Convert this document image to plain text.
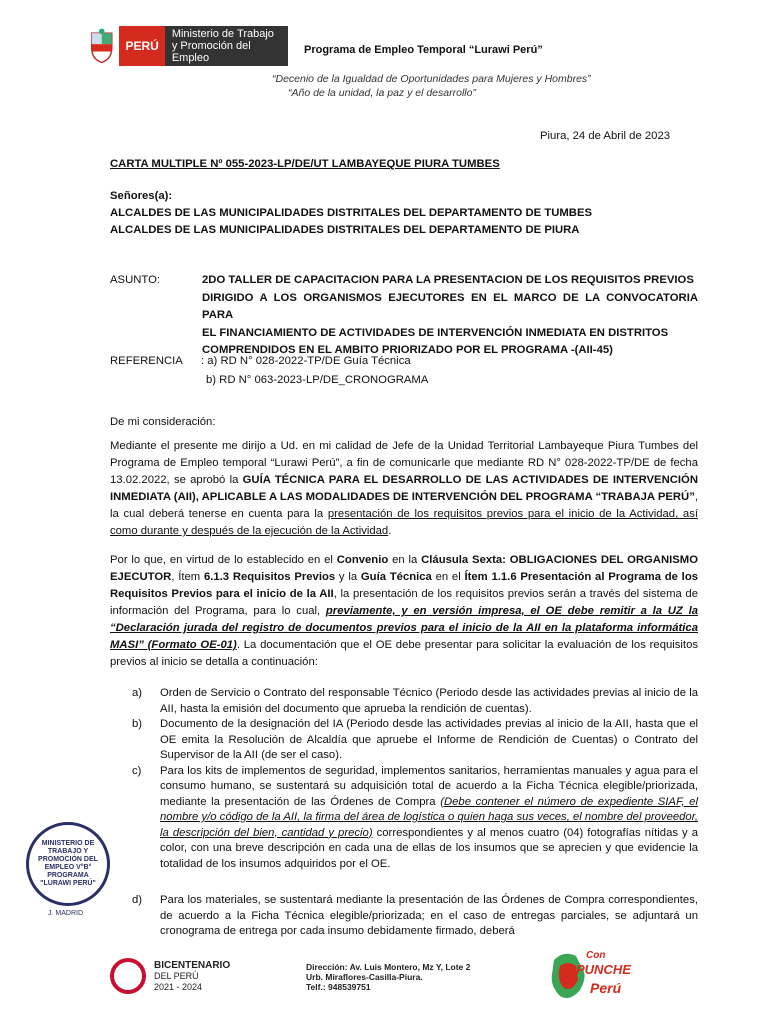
PERÚ
Ministerio de Trabajo
y Promoción del Empleo
Programa de Empleo Temporal “Lurawi Perú”
“Decenio de la Igualdad de Oportunidades para Mujeres y Hombres”
“Año de la unidad, la paz y el desarrollo”
Piura, 24 de Abril de 2023
CARTA MULTIPLE Nº 055-2023-LP/DE/UT LAMBAYEQUE PIURA TUMBES
Señores(a):
ALCALDES DE LAS MUNICIPALIDADES DISTRITALES DEL DEPARTAMENTO DE TUMBES
ALCALDES DE LAS MUNICIPALIDADES DISTRITALES DEL DEPARTAMENTO DE PIURA
ASUNTO:	2DO TALLER DE CAPACITACION PARA LA PRESENTACION DE LOS REQUISITOS PREVIOS
DIRIGIDO A LOS ORGANISMOS EJECUTORES EN EL MARCO DE LA CONVOCATORIA PARA
EL FINANCIAMIENTO DE ACTIVIDADES DE INTERVENCIÓN INMEDIATA EN DISTRITOS
COMPRENDIDOS EN EL AMBITO PRIORIZADO POR EL PROGRAMA -(AII-45)
REFERENCIA : a) RD N° 028-2022-TP/DE Guía Técnica
b) RD N° 063-2023-LP/DE_CRONOGRAMA
De mi consideración:
Mediante el presente me dirijo a Ud. en mi calidad de Jefe de la Unidad Territorial Lambayeque Piura Tumbes del Programa de Empleo temporal “Lurawi Perú”, a fin de comunicarle que mediante RD N° 028-2022-TP/DE de fecha 13.02.2022, se aprobó la GUÍA TÉCNICA PARA EL DESARROLLO DE LAS ACTIVIDADES DE INTERVENCIÓN INMEDIATA (AII), APLICABLE A LAS MODALIDADES DE INTERVENCIÓN DEL PROGRAMA “TRABAJA PERÚ”, la cual deberá tenerse en cuenta para la presentación de los requisitos previos para el inicio de la Actividad, así como durante y después de la ejecución de la Actividad.
Por lo que, en virtud de lo establecido en el Convenio en la Cláusula Sexta: OBLIGACIONES DEL ORGANISMO EJECUTOR, Ítem 6.1.3 Requisitos Previos y la Guía Técnica en el Ítem 1.1.6 Presentación al Programa de los Requisitos Previos para el inicio de la AII, la presentación de los requisitos previos serán a través del sistema de información del Programa, para lo cual, previamente, y en versión impresa, el OE debe remitir a la UZ la “Declaración jurada del registro de documentos previos para el inicio de la AII en la plataforma informática MASI” (Formato OE-01). La documentación que el OE debe presentar para solicitar la evaluación de los requisitos previos al inicio se detalla a continuación:
a)	Orden de Servicio o Contrato del responsable Técnico (Periodo desde las actividades previas al inicio de la AII, hasta la emisión del documento que aprueba la rendición de cuentas).
b)	Documento de la designación del IA (Periodo desde las actividades previas al inicio de la AII, hasta que el OE emita la Resolución de Alcaldía que apruebe el Informe de Rendición de Cuentas) o Contrato del Supervisor de la AII (de ser el caso).
c)	Para los kits de implementos de seguridad, implementos sanitarios, herramientas manuales y agua para el consumo humano, se sustentará su adquisición total de acuerdo a la Ficha Técnica elegible/priorizada, mediante la presentación de las Órdenes de Compra (Debe contener el número de expediente SIAF, el nombre y/o código de la AII, la firma del área de logística o quien haga sus veces, el nombre del proveedor, la descripción del bien, cantidad y precio) correspondientes y al menos cuatro (04) fotografías nítidas y a color, con una breve descripción en cada una de ellas de los insumos que se aprecien y que evidencie la totalidad de los insumos adquiridos por el OE.
d)	Para los materiales, se sustentará mediante la presentación de las Órdenes de Compra correspondientes, de acuerdo a la Ficha Técnica elegible/priorizada; en el caso de entregas parciales, se adjuntará un cronograma de entrega por cada insumo debidamente firmado, deberá
MINISTERIO DE TRABAJO Y PROMOCIÓN DEL EMPLEO V°B° PROGRAMA "LURAWI PERÚ"
J. MADRID
BICENTENARIO
DEL PERÚ
2021 - 2024
Dirección: Av. Luis Montero, Mz Y, Lote 2
Urb. Miraflores-Casilla-Piura.
Telf.: 948539751
Con
PUNCHE
Perú
